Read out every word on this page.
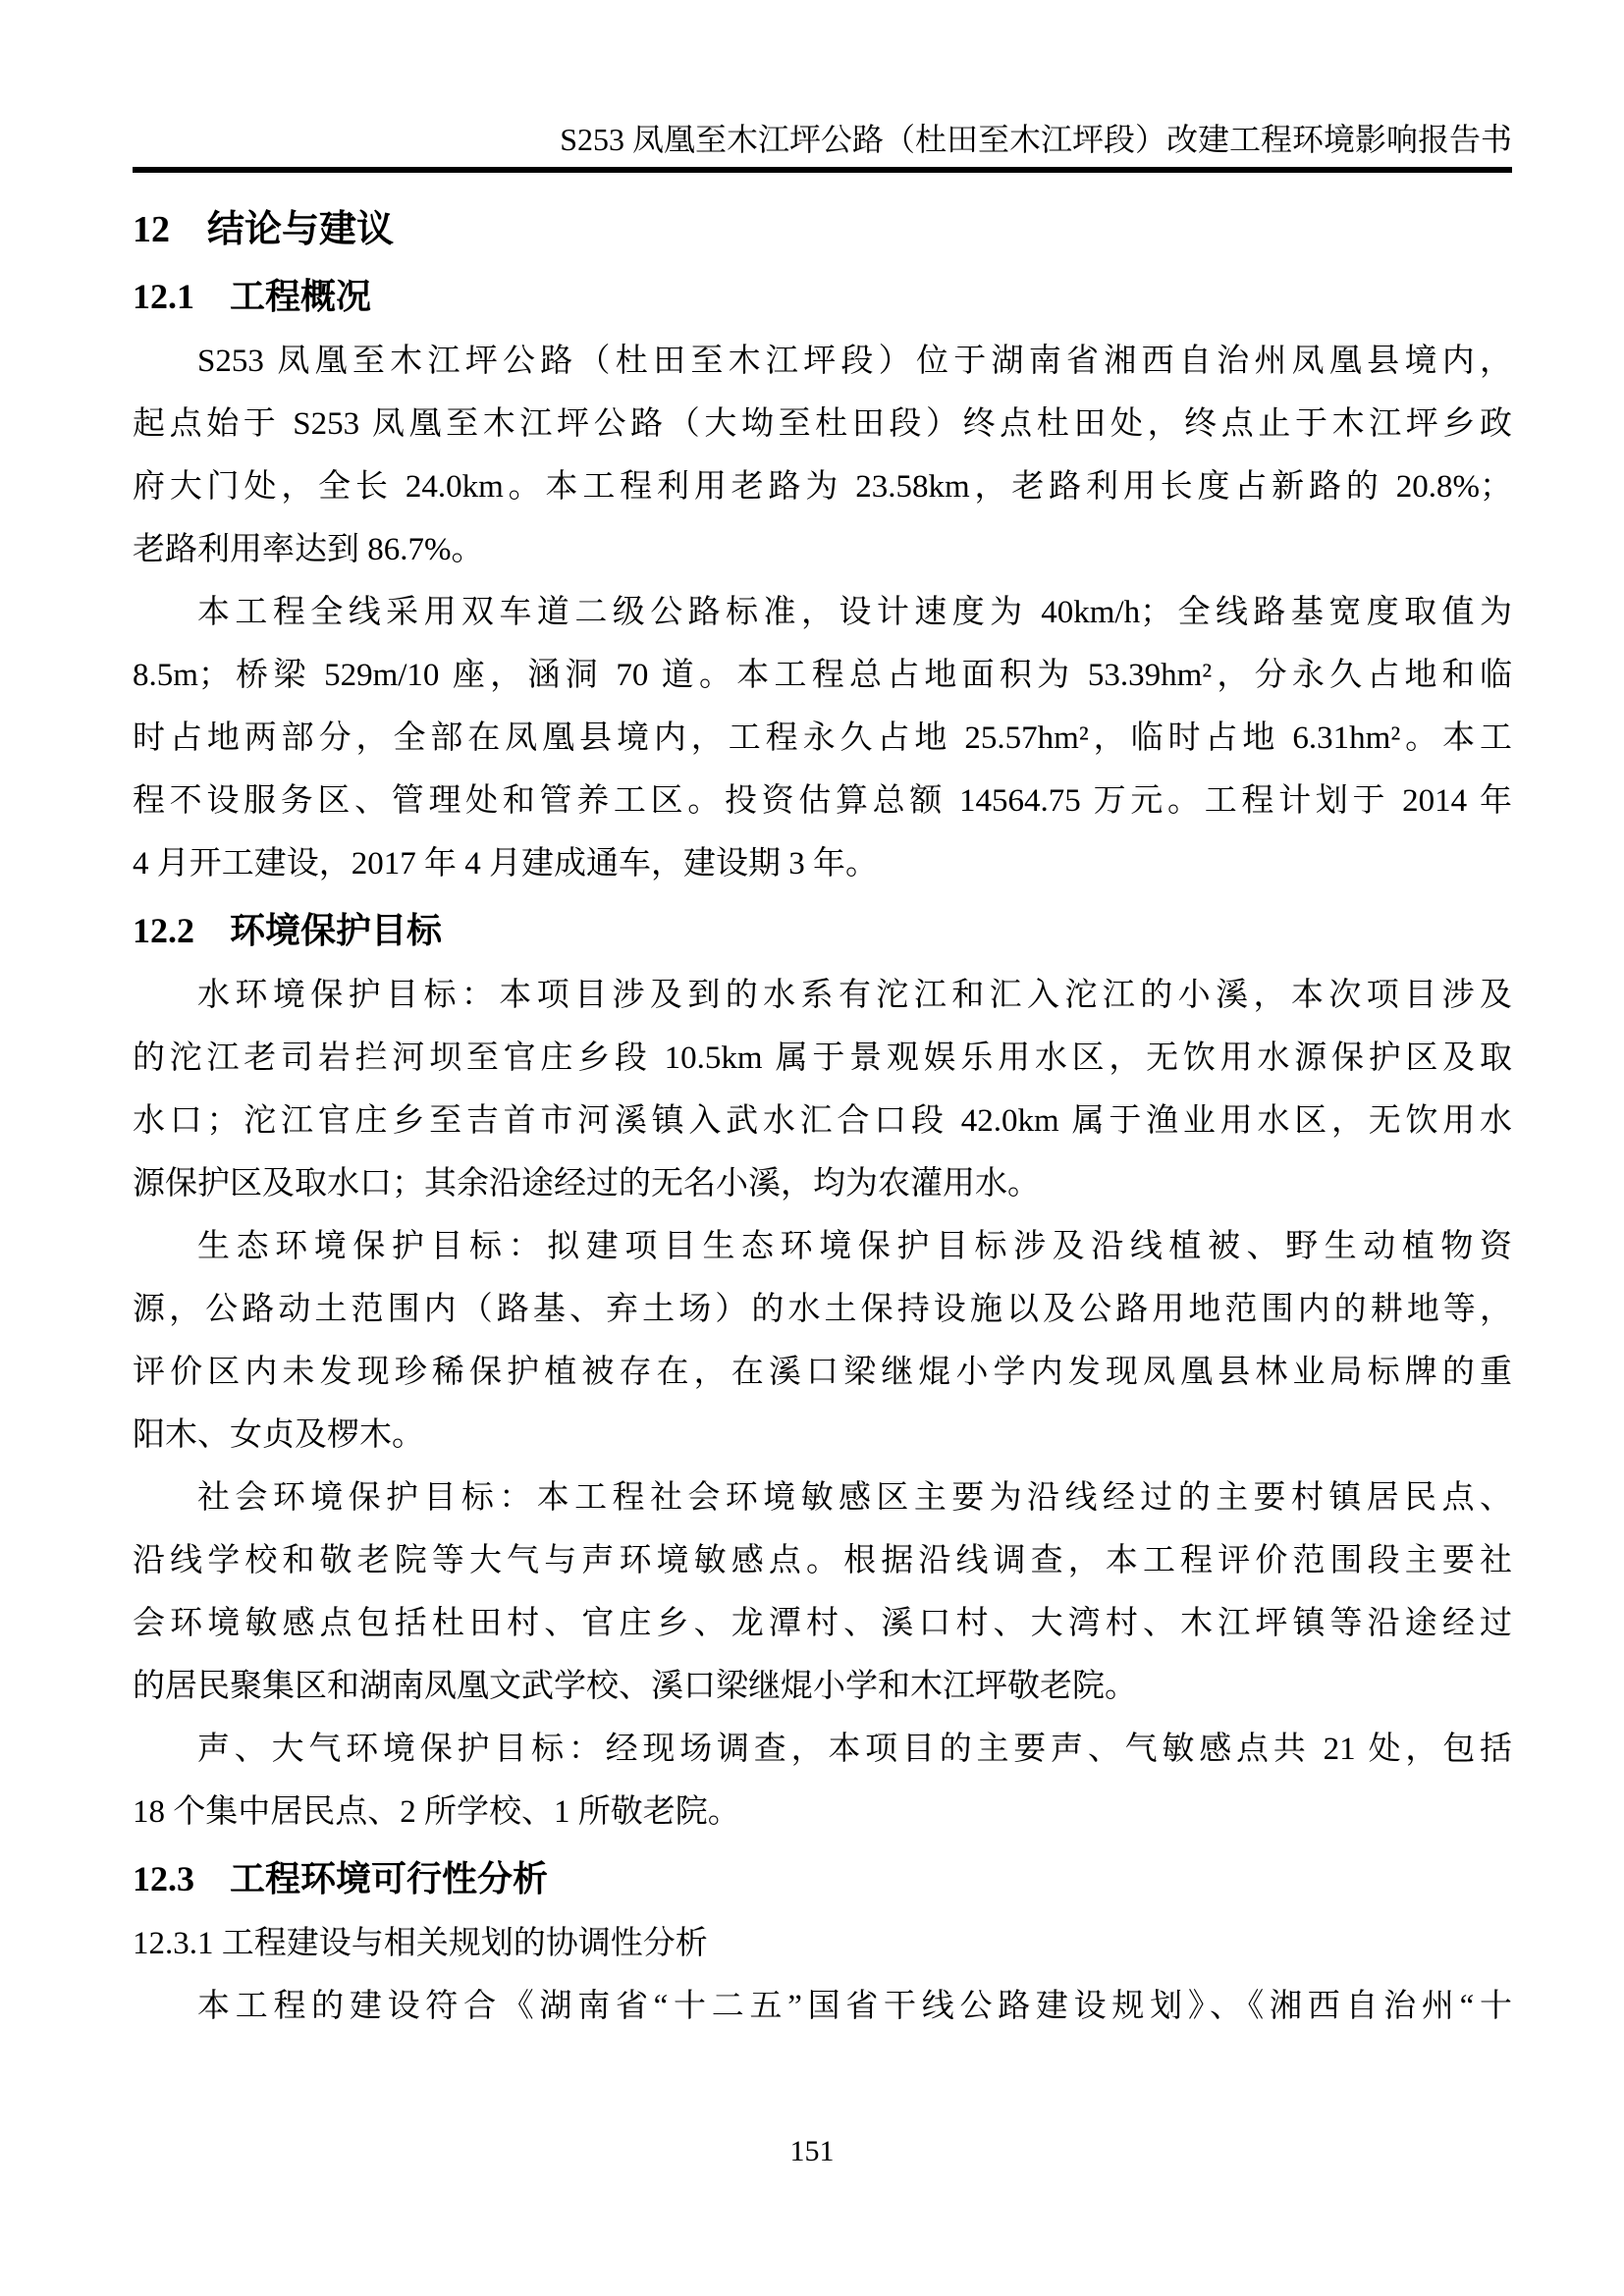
S253 凤凰至木江坪公路（杜田至木江坪段）改建工程环境影响报告书
12　结论与建议
12.1　工程概况
S253 凤凰至木江坪公路（杜田至木江坪段）位于湖南省湘西自治州凤凰县境内，
起点始于 S253 凤凰至木江坪公路（大坳至杜田段）终点杜田处，终点止于木江坪乡政
府大门处，全长 24.0km。本工程利用老路为 23.58km，老路利用长度占新路的 20.8%；
老路利用率达到 86.7%。
本工程全线采用双车道二级公路标准，设计速度为 40km/h；全线路基宽度取值为
8.5m；桥梁 529m/10 座，涵洞 70 道。本工程总占地面积为 53.39hm²，分永久占地和临
时占地两部分，全部在凤凰县境内，工程永久占地 25.57hm²，临时占地 6.31hm²。本工
程不设服务区、管理处和管养工区。投资估算总额 14564.75 万元。工程计划于 2014 年
4 月开工建设，2017 年 4 月建成通车，建设期 3 年。
12.2　环境保护目标
水环境保护目标：本项目涉及到的水系有沱江和汇入沱江的小溪，本次项目涉及
的沱江老司岩拦河坝至官庄乡段 10.5km 属于景观娱乐用水区，无饮用水源保护区及取
水口；沱江官庄乡至吉首市河溪镇入武水汇合口段 42.0km 属于渔业用水区，无饮用水
源保护区及取水口；其余沿途经过的无名小溪，均为农灌用水。
生态环境保护目标：拟建项目生态环境保护目标涉及沿线植被、野生动植物资
源，公路动土范围内（路基、弃土场）的水土保持设施以及公路用地范围内的耕地等，
评价区内未发现珍稀保护植被存在，在溪口梁继焜小学内发现凤凰县林业局标牌的重
阳木、女贞及椤木。
社会环境保护目标：本工程社会环境敏感区主要为沿线经过的主要村镇居民点、
沿线学校和敬老院等大气与声环境敏感点。根据沿线调查，本工程评价范围段主要社
会环境敏感点包括杜田村、官庄乡、龙潭村、溪口村、大湾村、木江坪镇等沿途经过
的居民聚集区和湖南凤凰文武学校、溪口梁继焜小学和木江坪敬老院。
声、大气环境保护目标：经现场调查，本项目的主要声、气敏感点共 21 处，包括
18 个集中居民点、2 所学校、1 所敬老院。
12.3　工程环境可行性分析
12.3.1 工程建设与相关规划的协调性分析
本工程的建设符合《湖南省“十二五”国省干线公路建设规划》、《湘西自治州“十
151
